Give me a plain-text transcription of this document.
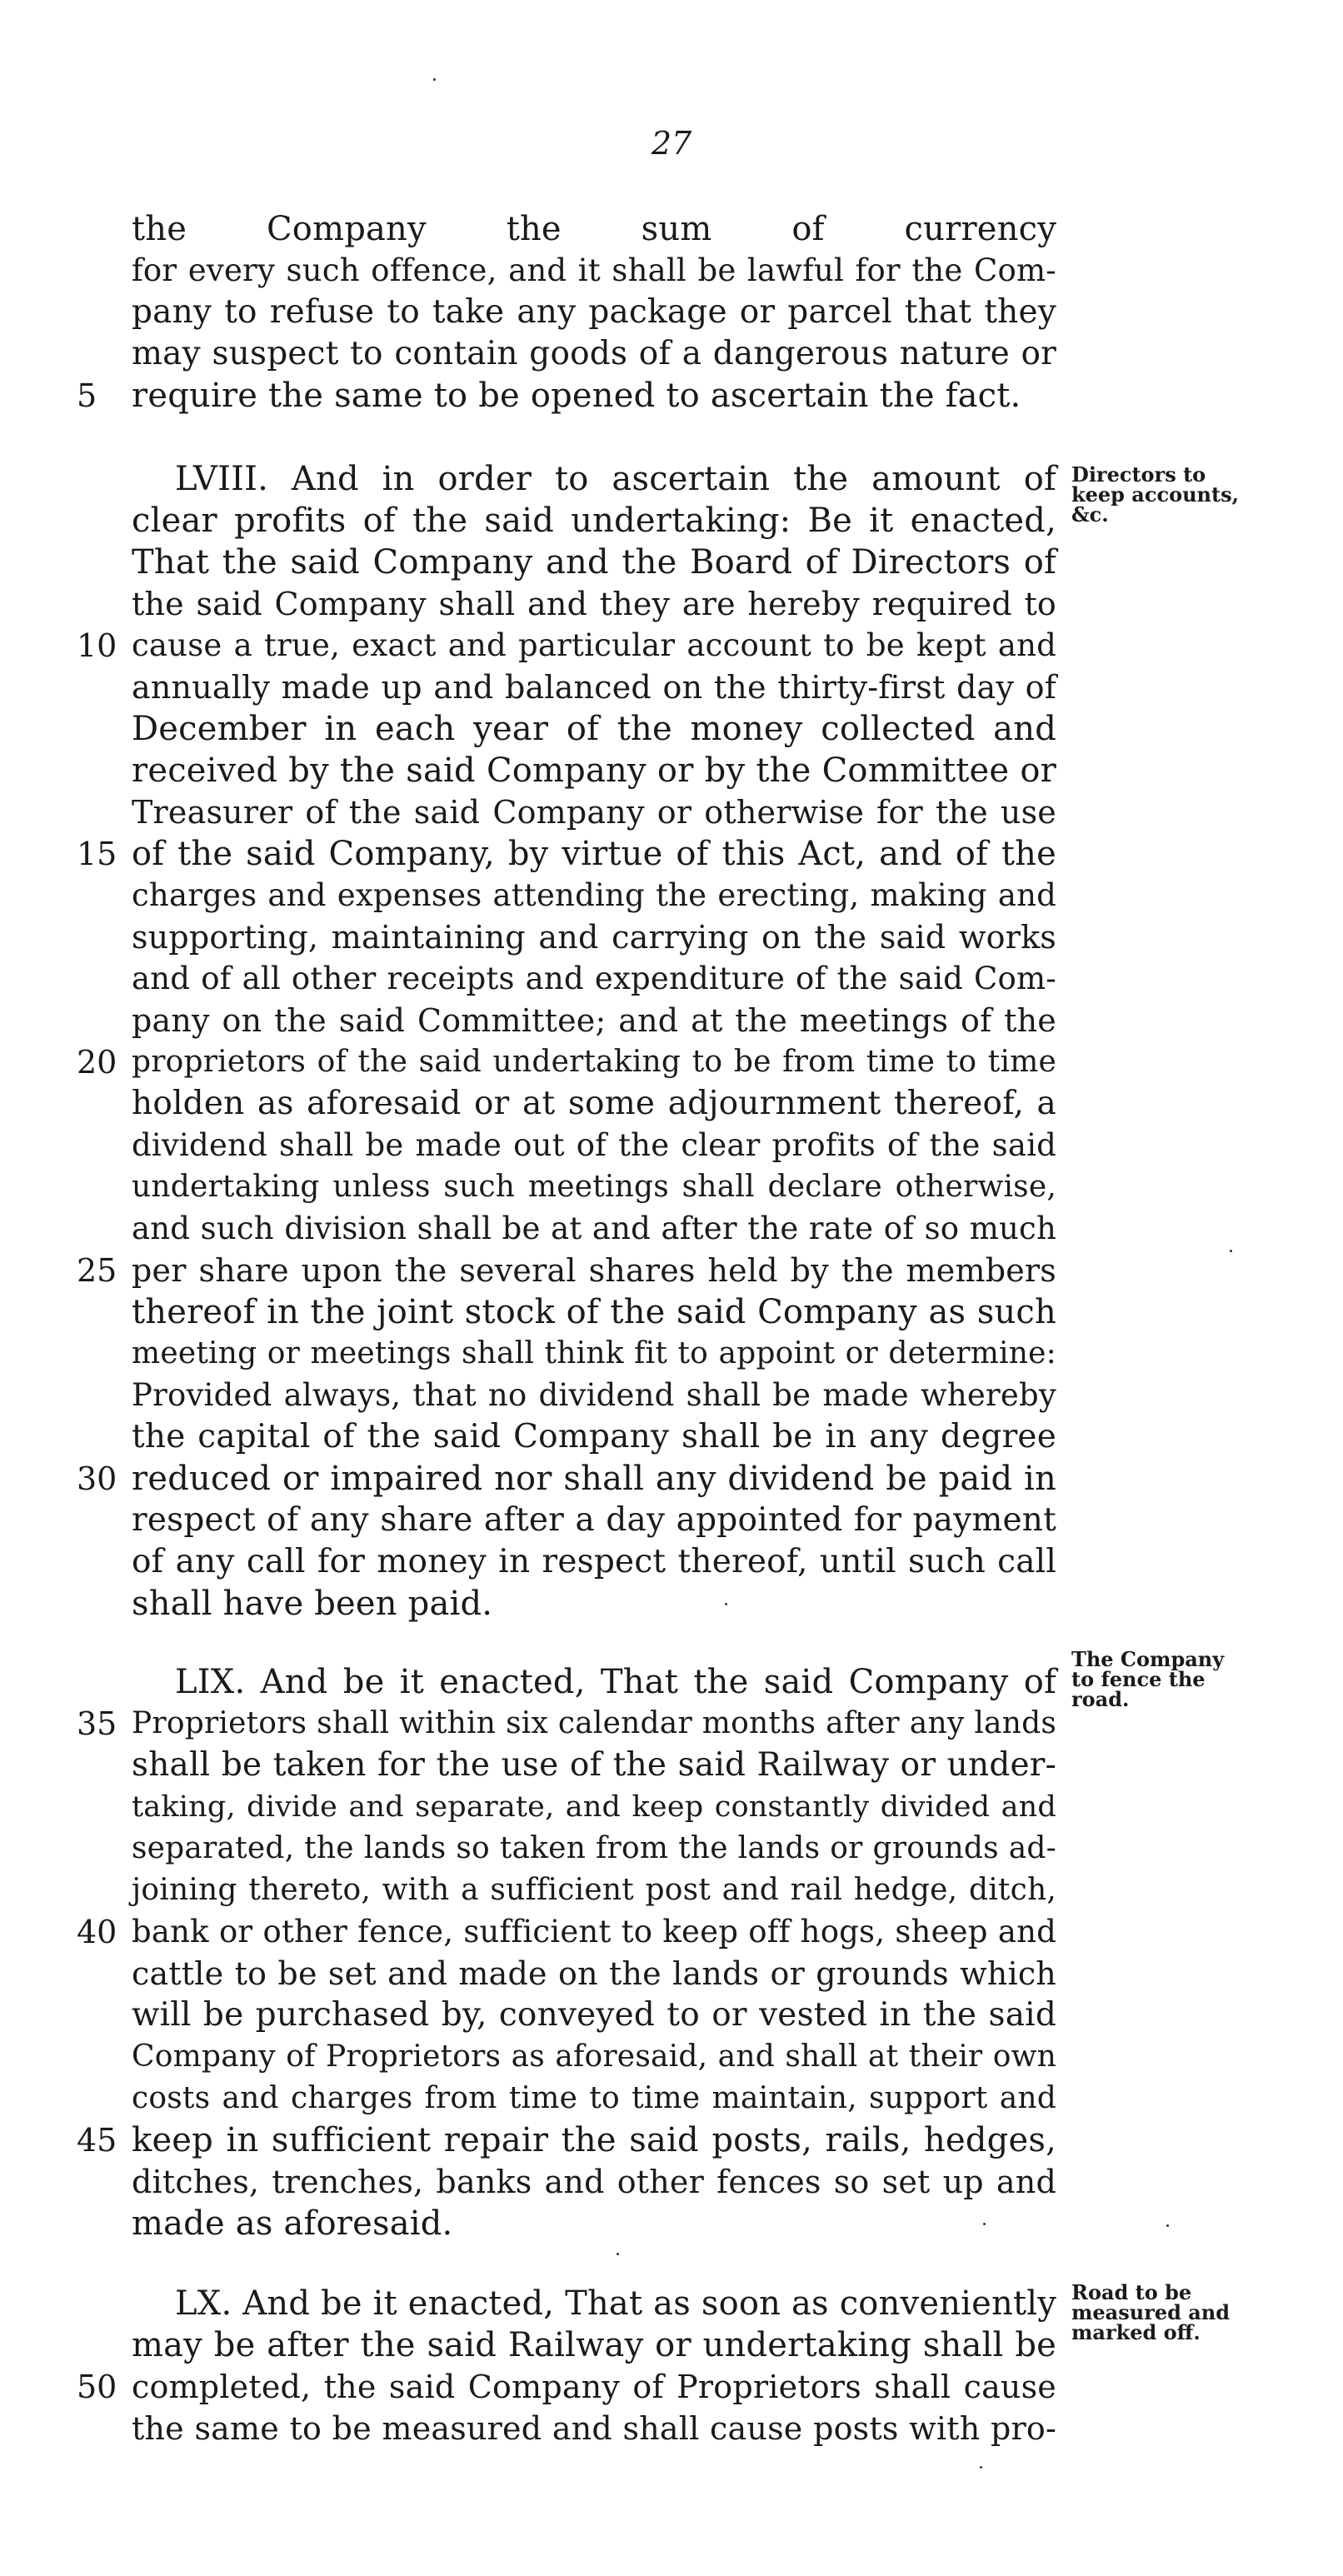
27
the Company the sum of currency
for every such offence, and it shall be lawful for the Com-
pany to refuse to take any package or parcel that they
may suspect to contain goods of a dangerous nature or
5	require the same to be opened to ascertain the fact.
LVIII. And in order to ascertain the amount of Directors to
keep accounts,
&c.
clear profits of the said undertaking: Be it enacted,
That the said Company and the Board of Directors of
the said Company shall and they are hereby required to
10 cause a true, exact and particular account to be kept and
annually made up and balanced on the thirty-first day of
December in each year of the money collected and
received by the said Company or by the Committee or
Treasurer of the said Company or otherwise for the use
15 of the said Company, by virtue of this Act, and of the
charges and expenses attending the erecting, making and
supporting, maintaining and carrying on the said works
and of all other receipts and expenditure of the said Com-
pany on the said Committee; and at the meetings of the
20 proprietors of the said undertaking to be from time to time
holden as aforesaid or at some adjournment thereof, a
dividend shall be made out of the clear profits of the said
undertaking unless such meetings shall declare otherwise,
and such division shall be at and after the rate of so much
25 per share upon the several shares held by the members
thereof in the joint stock of the said Company as such
meeting or meetings shall think fit to appoint or determine:
Provided always, that no dividend shall be made whereby
the capital of the said Company shall be in any degree
30 reduced or impaired nor shall any dividend be paid in
respect of any share after a day appointed for payment
of any call for money in respect thereof, until such call
shall have been paid.
LIX. And be it enacted, That the said Company of
The Company
to fence the
road.
35 Proprietors shall within six calendar months after any lands
shall be taken for the use of the said Railway or under-
taking, divide and separate, and keep constantly divided and
separated, the lands so taken from the lands or grounds ad-
joining thereto, with a sufficient post and rail hedge, ditch,
40 bank or other fence, sufficient to keep off hogs, sheep and
cattle to be set and made on the lands or grounds which
will be purchased by, conveyed to or vested in the said
Company of Proprietors as aforesaid, and shall at their own
costs and charges from time to time maintain, support and
45 keep in sufficient repair the said posts, rails, hedges,
ditches, trenches, banks and other fences so set up and
made as aforesaid.
LX. And be it enacted, That as soon as conveniently Road to be
measured and
marked off.
may be after the said Railway or undertaking shall be
50 completed, the said Company of Proprietors shall cause
the same to be measured and shall cause posts with pro-
